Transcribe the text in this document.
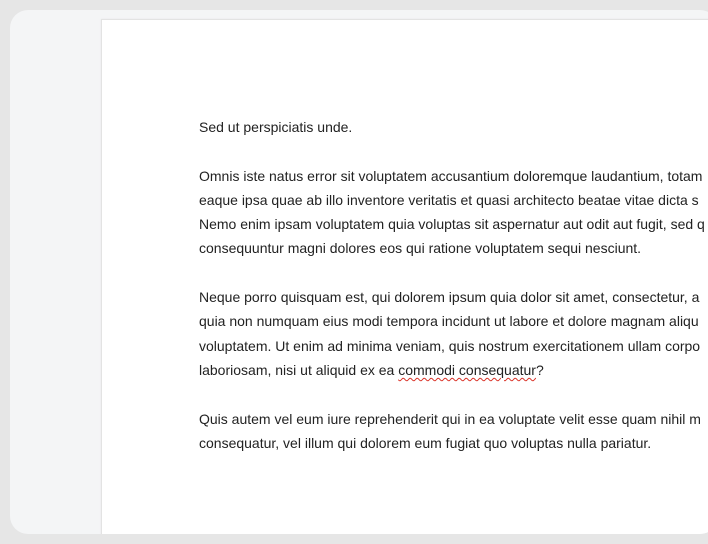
Sed ut perspiciatis unde.

Omnis iste natus error sit voluptatem accusantium doloremque laudantium, totam
eaque ipsa quae ab illo inventore veritatis et quasi architecto beatae vitae dicta s
Nemo enim ipsam voluptatem quia voluptas sit aspernatur aut odit aut fugit, sed q
consequuntur magni dolores eos qui ratione voluptatem sequi nesciunt.

Neque porro quisquam est, qui dolorem ipsum quia dolor sit amet, consectetur, a
quia non numquam eius modi tempora incidunt ut labore et dolore magnam aliqu
voluptatem. Ut enim ad minima veniam, quis nostrum exercitationem ullam corpo
laboriosam, nisi ut aliquid ex ea commodi consequatur?

Quis autem vel eum iure reprehenderit qui in ea voluptate velit esse quam nihil m
consequatur, vel illum qui dolorem eum fugiat quo voluptas nulla pariatur.
